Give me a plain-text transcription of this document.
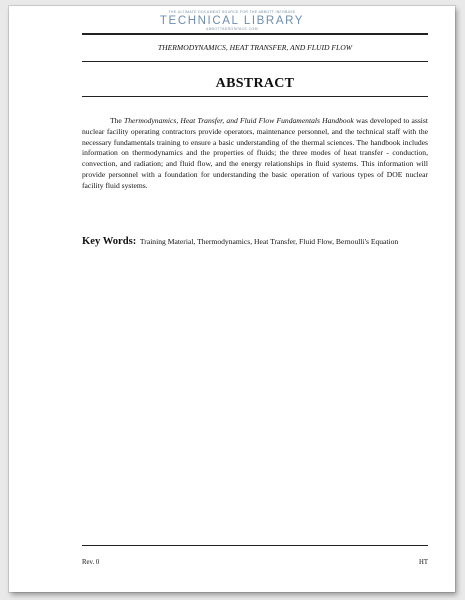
THE ULTIMATE DOCUMENT SOURCE FOR THE ABBOTT INFOBASE
TECHNICAL LIBRARY
ABBOTTAEROSPACE.COM
THERMODYNAMICS, HEAT TRANSFER, AND FLUID FLOW
ABSTRACT

The Thermodynamics, Heat Transfer, and Fluid Flow Fundamentals Handbook was developed to assist nuclear facility operating contractors provide operators, maintenance personnel, and the technical staff with the necessary fundamentals training to ensure a basic understanding of the thermal sciences. The handbook includes information on thermodynamics and the properties of fluids; the three modes of heat transfer - conduction, convection, and radiation; and fluid flow, and the energy relationships in fluid systems. This information will provide personnel with a foundation for understanding the basic operation of various types of DOE nuclear facility fluid systems.

Key Words: Training Material, Thermodynamics, Heat Transfer, Fluid Flow, Bernoulli's Equation

Rev. 0	HT
